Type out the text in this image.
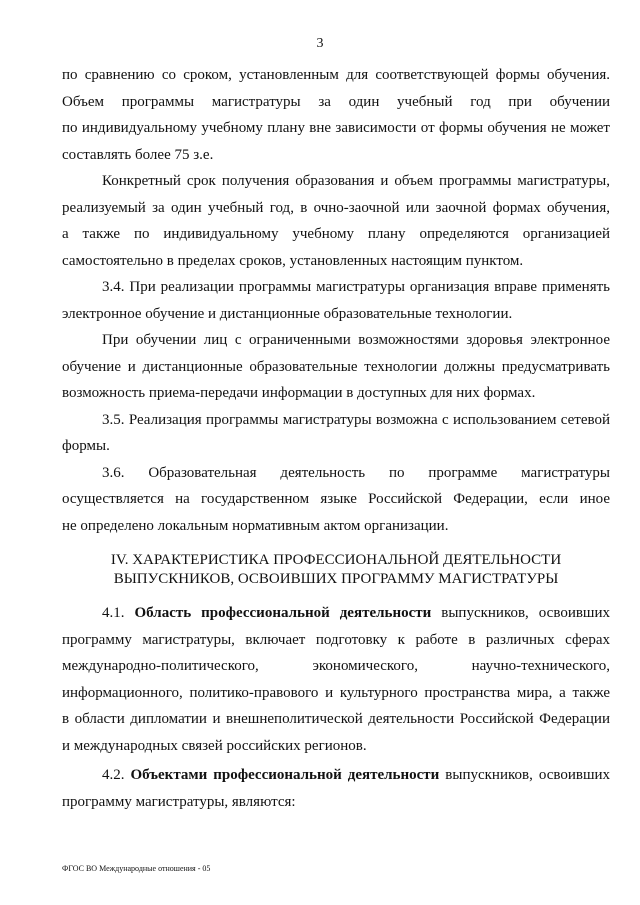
3

по сравнению со сроком, установленным для соответствующей формы обучения.

Объем программы магистратуры за один учебный год при обучении

по индивидуальному учебному плану вне зависимости от формы обучения не может

составлять более 75 з.е.

Конкретный срок получения образования и объем программы магистратуры,

реализуемый за один учебный год, в очно-заочной или заочной формах обучения,

а также по индивидуальному учебному плану определяются организацией

самостоятельно в пределах сроков, установленных настоящим пунктом.

3.4. При реализации программы магистратуры организация вправе применять

электронное обучение и дистанционные образовательные технологии.

При обучении лиц с ограниченными возможностями здоровья электронное

обучение и дистанционные образовательные технологии должны предусматривать

возможность приема-передачи информации в доступных для них формах.

3.5. Реализация программы магистратуры возможна с использованием сетевой

формы.

3.6. Образовательная деятельность по программе магистратуры

осуществляется на государственном языке Российской Федерации, если иное

не определено локальным нормативным актом организации.

IV. ХАРАКТЕРИСТИКА ПРОФЕССИОНАЛЬНОЙ ДЕЯТЕЛЬНОСТИ
ВЫПУСКНИКОВ, ОСВОИВШИХ ПРОГРАММУ МАГИСТРАТУРЫ

4.1. Область профессиональной деятельности выпускников, освоивших

программу магистратуры, включает подготовку к работе в различных сферах

международно-политического, экономического, научно-технического,

информационного, политико-правового и культурного пространства мира, а также

в области дипломатии и внешнеполитической деятельности Российской Федерации

и международных связей российских регионов.

4.2. Объектами профессиональной деятельности выпускников, освоивших

программу магистратуры, являются:

ФГОС ВО Международные отношения - 05
